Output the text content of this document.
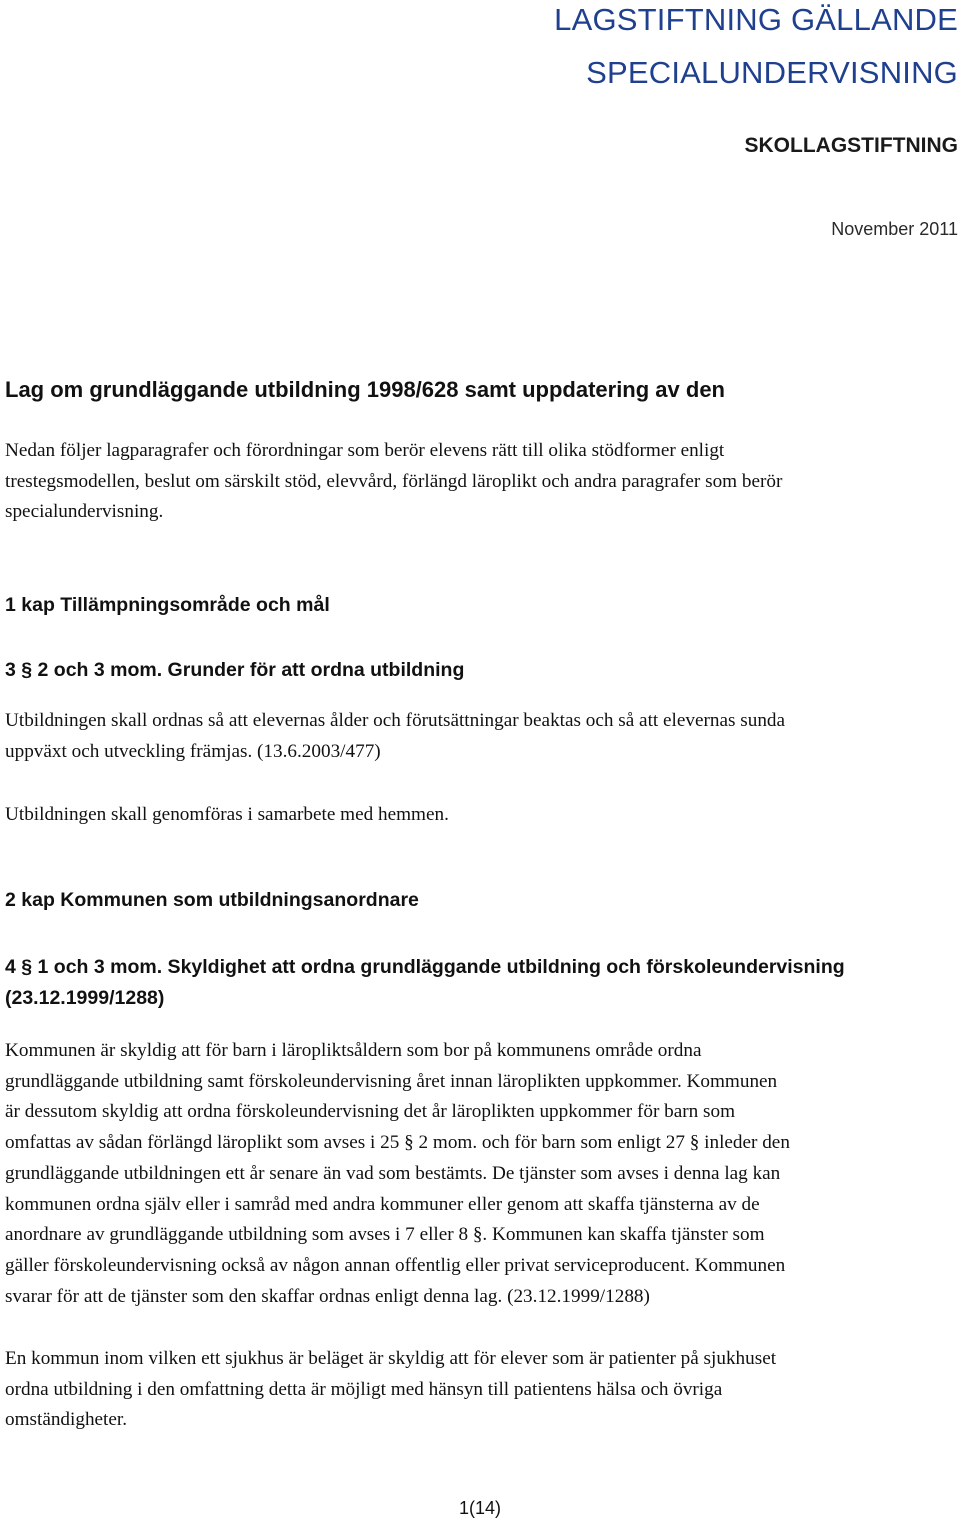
LAGSTIFTNING GÄLLANDE
SPECIALUNDERVISNING
SKOLLAGSTIFTNING
November 2011
Lag om grundläggande utbildning 1998/628 samt uppdatering av den

Nedan följer lagparagrafer och förordningar som berör elevens rätt till olika stödformer enligt
trestegsmodellen, beslut om särskilt stöd, elevvård, förlängd läroplikt och andra paragrafer som berör
specialundervisning.

1 kap Tillämpningsområde och mål
3 § 2 och 3 mom. Grunder för att ordna utbildning

Utbildningen skall ordnas så att elevernas ålder och förutsättningar beaktas och så att elevernas sunda
uppväxt och utveckling främjas. (13.6.2003/477)

Utbildningen skall genomföras i samarbete med hemmen.

2 kap Kommunen som utbildningsanordnare
4 § 1 och 3 mom. Skyldighet att ordna grundläggande utbildning och förskoleundervisning
(23.12.1999/1288)

Kommunen är skyldig att för barn i läropliktsåldern som bor på kommunens område ordna
grundläggande utbildning samt förskoleundervisning året innan läroplikten uppkommer. Kommunen
är dessutom skyldig att ordna förskoleundervisning det år läroplikten uppkommer för barn som
omfattas av sådan förlängd läroplikt som avses i 25 § 2 mom. och för barn som enligt 27 § inleder den
grundläggande utbildningen ett år senare än vad som bestämts. De tjänster som avses i denna lag kan
kommunen ordna själv eller i samråd med andra kommuner eller genom att skaffa tjänsterna av de
anordnare av grundläggande utbildning som avses i 7 eller 8 §. Kommunen kan skaffa tjänster som
gäller förskoleundervisning också av någon annan offentlig eller privat serviceproducent. Kommunen
svarar för att de tjänster som den skaffar ordnas enligt denna lag. (23.12.1999/1288)

En kommun inom vilken ett sjukhus är beläget är skyldig att för elever som är patienter på sjukhuset
ordna utbildning i den omfattning detta är möjligt med hänsyn till patientens hälsa och övriga
omständigheter.

1(14)
